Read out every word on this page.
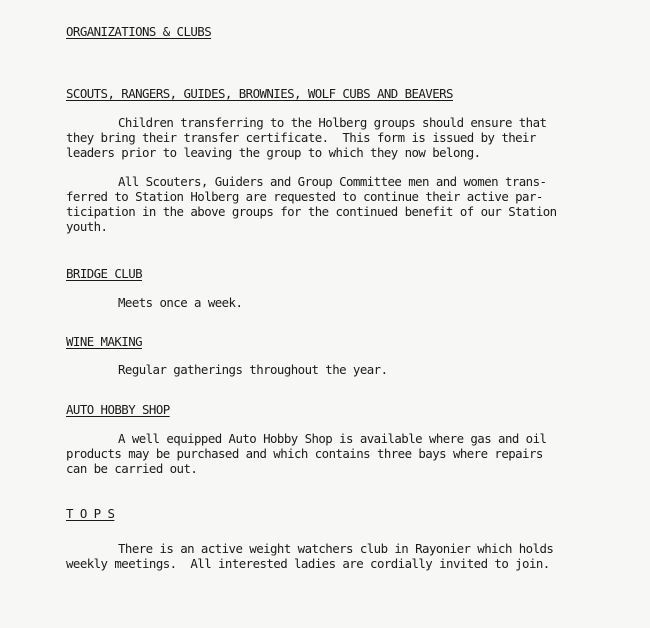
ORGANIZATIONS & CLUBS
SCOUTS, RANGERS, GUIDES, BROWNIES, WOLF CUBS AND BEAVERS
Children transferring to the Holberg groups should ensure that
they bring their transfer certificate.  This form is issued by their
leaders prior to leaving the group to which they now belong.
All Scouters, Guiders and Group Committee men and women trans-
ferred to Station Holberg are requested to continue their active par-
ticipation in the above groups for the continued benefit of our Station
youth.
BRIDGE CLUB
Meets once a week.
WINE MAKING
Regular gatherings throughout the year.
AUTO HOBBY SHOP
A well equipped Auto Hobby Shop is available where gas and oil
products may be purchased and which contains three bays where repairs
can be carried out.
T O P S
There is an active weight watchers club in Rayonier which holds
weekly meetings.  All interested ladies are cordially invited to join.
